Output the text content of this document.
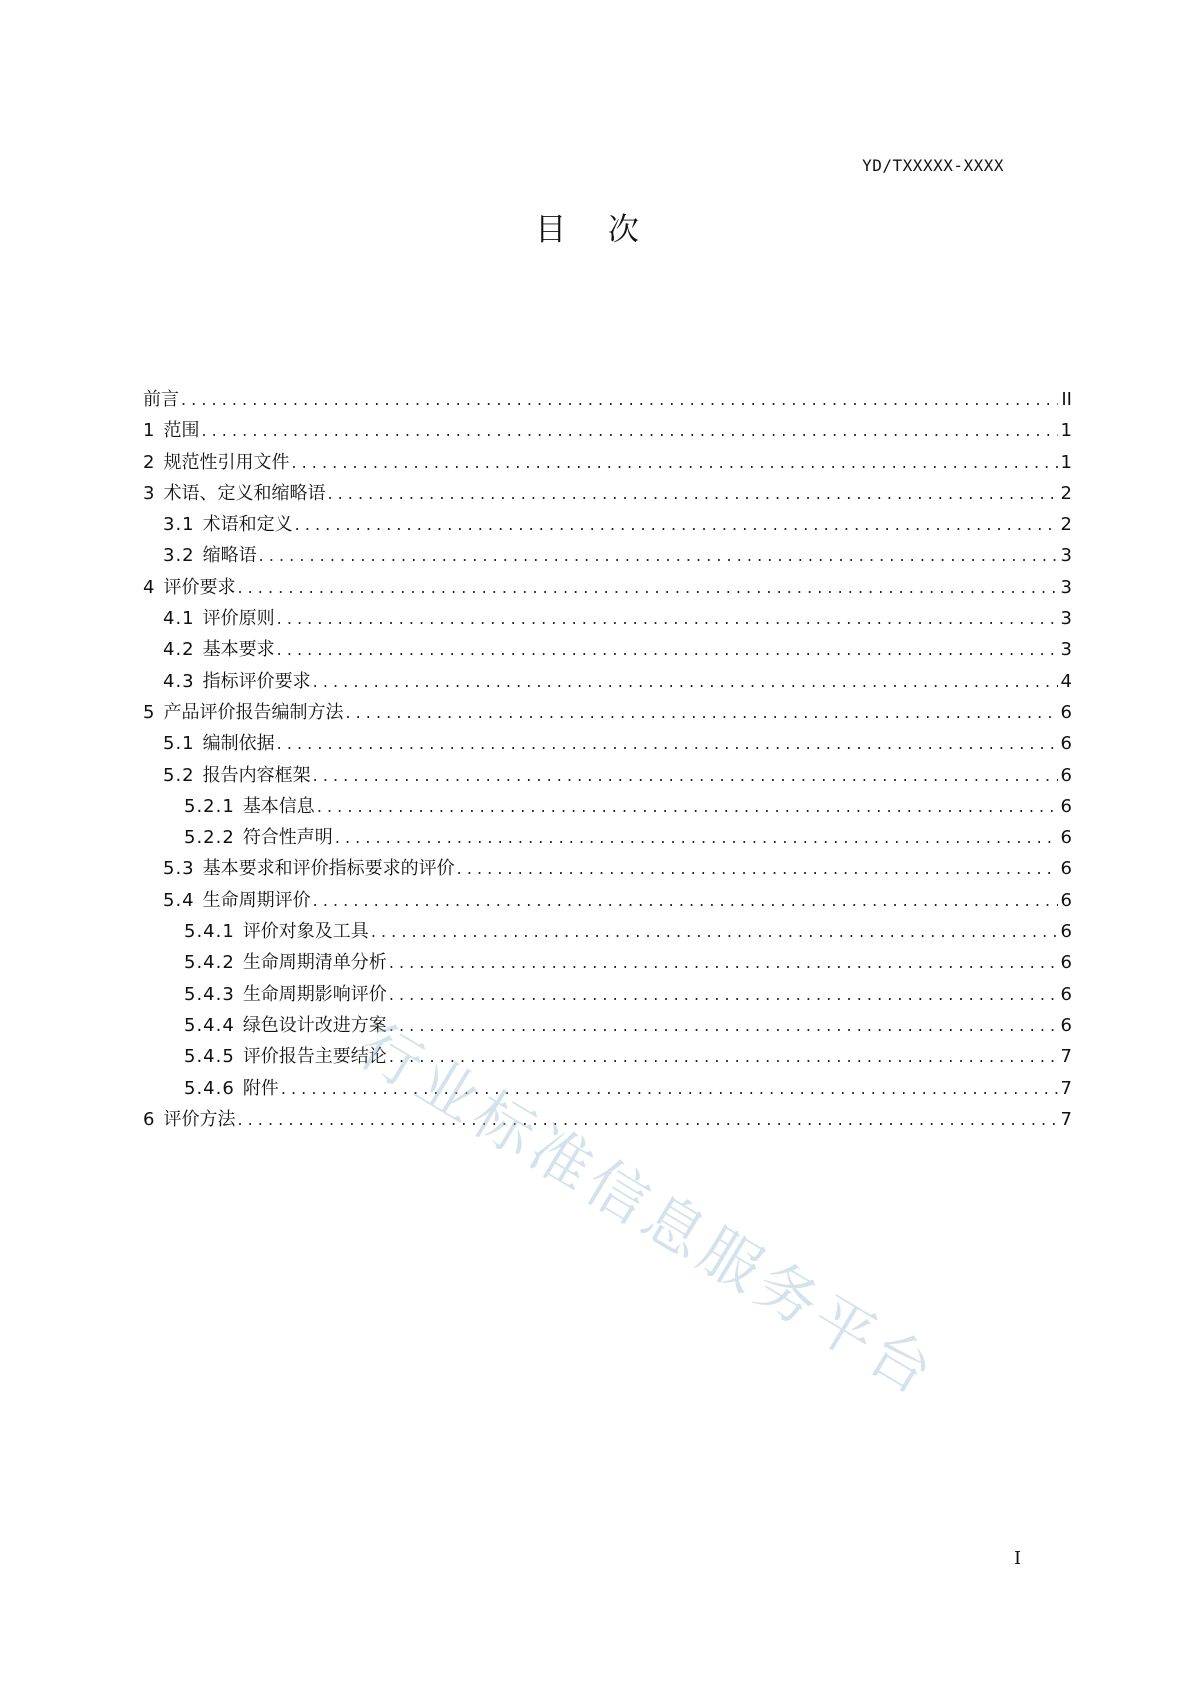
YD/TXXXXX-XXXX
目 次
前言 . . .	II
1 范围 . . .	1
2 规范性引用文件 . . .	1
3 术语、定义和缩略语 . . .	2
3.1 术语和定义 . . .	2
3.2 缩略语 . . .	3
4 评价要求 . . .	3
4.1 评价原则 . . .	3
4.2 基本要求 . . .	3
4.3 指标评价要求 . . .	4
5 产品评价报告编制方法 . . .	6
5.1 编制依据 . . .	6
5.2 报告内容框架 . . .	6
5.2.1 基本信息 . . .	6
5.2.2 符合性声明 . . .	6
5.3 基本要求和评价指标要求的评价 . . .	6
5.4 生命周期评价 . . .	6
5.4.1 评价对象及工具 . . .	6
5.4.2 生命周期清单分析 . . .	6
5.4.3 生命周期影响评价 . . .	6
5.4.4 绿色设计改进方案 . . .	6
5.4.5 评价报告主要结论 . . .	7
5.4.6 附件 . . .	7
6 评价方法 . . .	7
行业标准信息服务平台
I
